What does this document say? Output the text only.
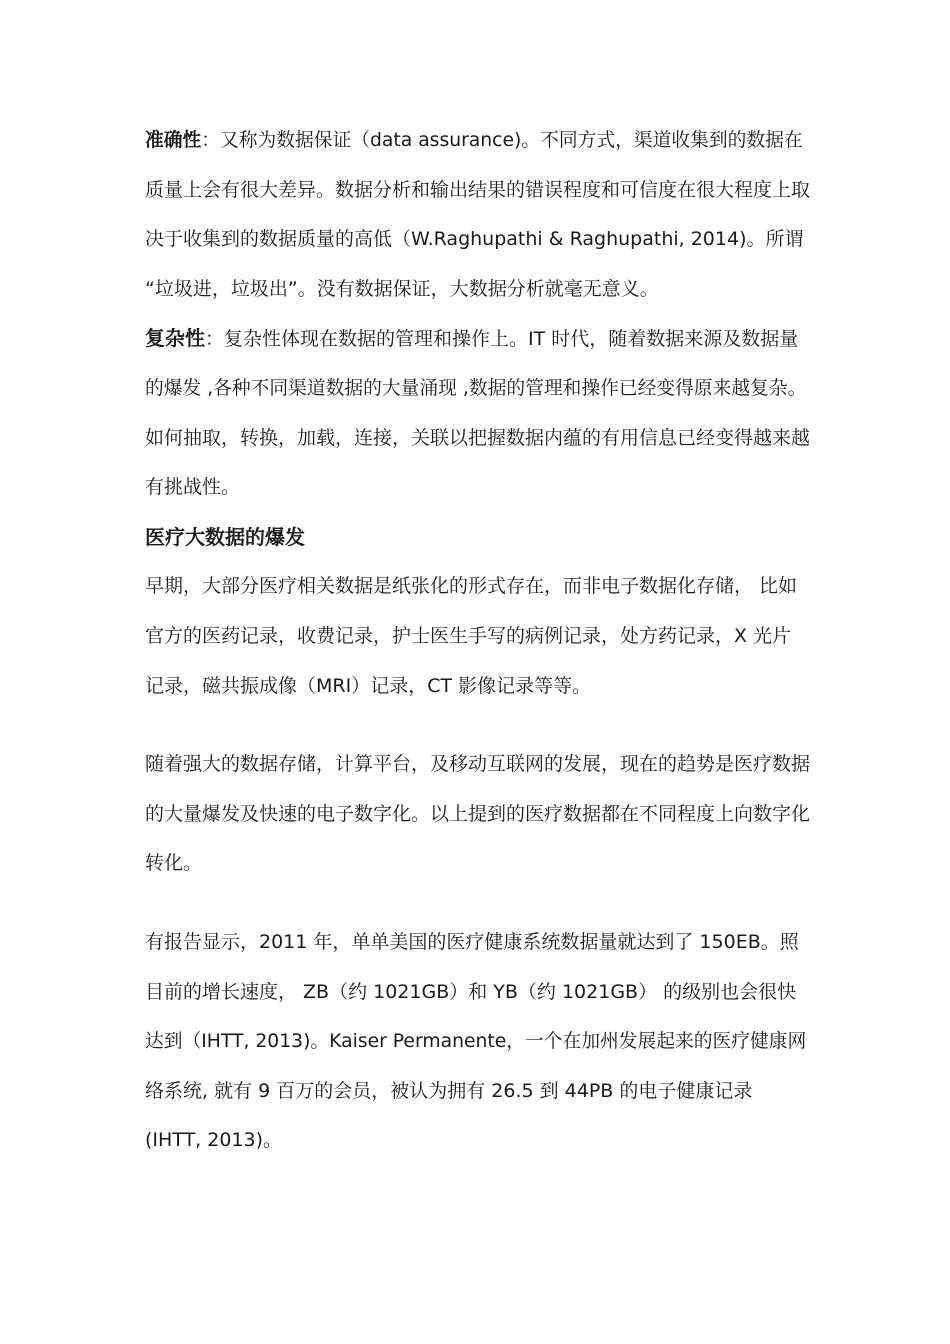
准确性：又称为数据保证（data assurance)。不同方式，渠道收集到的数据在
质量上会有很大差异。数据分析和输出结果的错误程度和可信度在很大程度上取
决于收集到的数据质量的高低（W.Raghupathi & Raghupathi, 2014)。所谓
“垃圾进，垃圾出”。没有数据保证，大数据分析就毫无意义。
复杂性：复杂性体现在数据的管理和操作上。IT 时代，随着数据来源及数据量
的爆发 ,各种不同渠道数据的大量涌现 ,数据的管理和操作已经变得原来越复杂。
如何抽取，转换，加载，连接，关联以把握数据内蕴的有用信息已经变得越来越
有挑战性。
医疗大数据的爆发
早期，大部分医疗相关数据是纸张化的形式存在，而非电子数据化存储， 比如
官方的医药记录，收费记录，护士医生手写的病例记录，处方药记录，X 光片
记录，磁共振成像（MRI）记录，CT 影像记录等等。
随着强大的数据存储，计算平台，及移动互联网的发展，现在的趋势是医疗数据
的大量爆发及快速的电子数字化。以上提到的医疗数据都在不同程度上向数字化
转化。
有报告显示，2011 年，单单美国的医疗健康系统数据量就达到了 150EB。照
目前的增长速度， ZB（约 1021GB）和 YB（约 1021GB） 的级别也会很快
达到（IHTT, 2013)。Kaiser Permanente，一个在加州发展起来的医疗健康网
络系统, 就有 9 百万的会员，被认为拥有 26.5 到 44PB 的电子健康记录
(IHTT, 2013)。
